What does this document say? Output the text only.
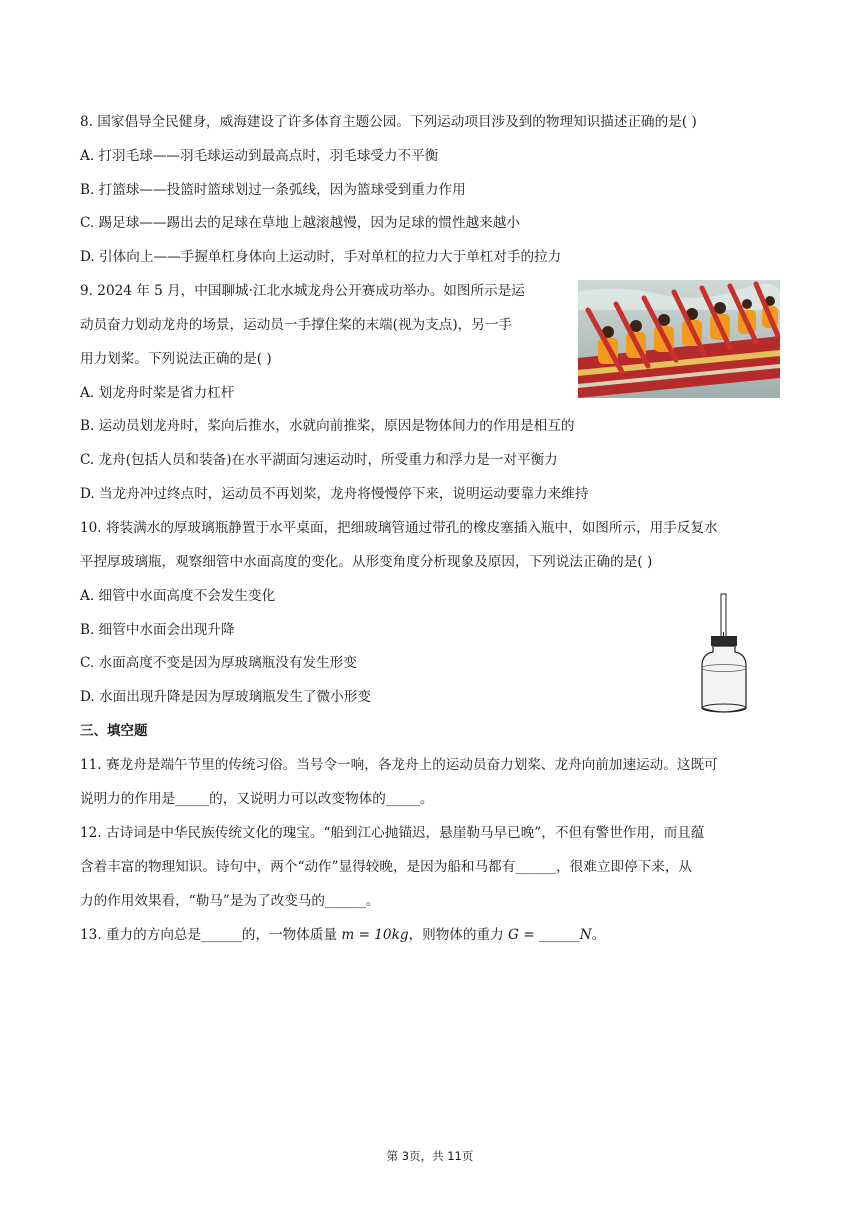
8. 国家倡导全民健身，威海建设了许多体育主题公园。下列运动项目涉及到的物理知识描述正确的是( )
A. 打羽毛球——羽毛球运动到最高点时，羽毛球受力不平衡
B. 打篮球——投篮时篮球划过一条弧线，因为篮球受到重力作用
C. 踢足球——踢出去的足球在草地上越滚越慢，因为足球的惯性越来越小
D. 引体向上——手握单杠身体向上运动时，手对单杠的拉力大于单杠对手的拉力
9. 2024 年 5 月，中国聊城·江北水城龙舟公开赛成功举办。如图所示是运
动员奋力划动龙舟的场景，运动员一手撑住桨的末端(视为支点)，另一手
用力划桨。下列说法正确的是( )
A. 划龙舟时桨是省力杠杆
B. 运动员划龙舟时，桨向后推水，水就向前推桨，原因是物体间力的作用是相互的
C. 龙舟(包括人员和装备)在水平湖面匀速运动时，所受重力和浮力是一对平衡力
D. 当龙舟冲过终点时，运动员不再划桨，龙舟将慢慢停下来，说明运动要靠力来维持
10. 将装满水的厚玻璃瓶静置于水平桌面，把细玻璃管通过带孔的橡皮塞插入瓶中，如图所示，用手反复水
平捏厚玻璃瓶，观察细管中水面高度的变化。从形变角度分析现象及原因，下列说法正确的是( )
A. 细管中水面高度不会发生变化
B. 细管中水面会出现升降
C. 水面高度不变是因为厚玻璃瓶没有发生形变
D. 水面出现升降是因为厚玻璃瓶发生了微小形变
三、填空题
11. 赛龙舟是端午节里的传统习俗。当号令一响，各龙舟上的运动员奋力划桨、龙舟向前加速运动。这既可
说明力的作用是_____的，又说明力可以改变物体的_____。
12. 古诗词是中华民族传统文化的瑰宝。“船到江心抛锚迟，悬崖勒马早已晚”，不但有警世作用，而且蕴
含着丰富的物理知识。诗句中，两个“动作”显得较晚，是因为船和马都有______，很难立即停下来，从
力的作用效果看，“勒马”是为了改变马的______。
13. 重力的方向总是______的，一物体质量 m = 10kg，则物体的重力 G = ______N。
第 3页，共 11页
